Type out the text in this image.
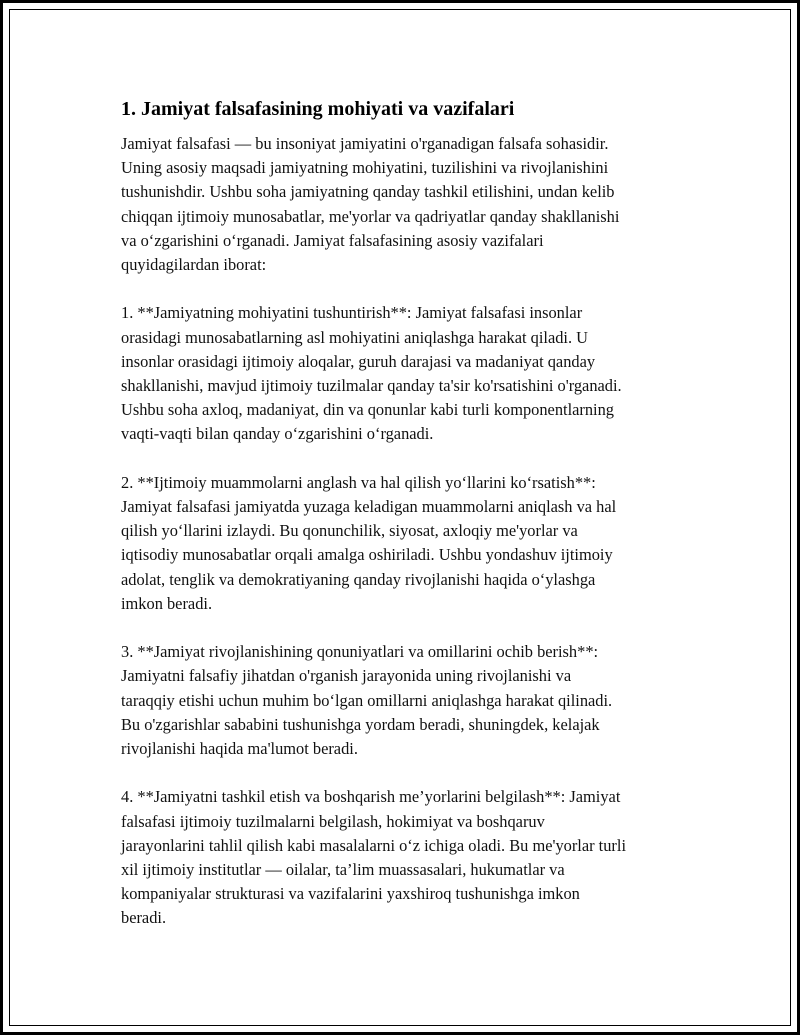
1. Jamiyat falsafasining mohiyati va vazifalari

Jamiyat falsafasi — bu insoniyat jamiyatini o'rganadigan falsafa sohasidir.
Uning asosiy maqsadi jamiyatning mohiyatini, tuzilishini va rivojlanishini
tushunishdir. Ushbu soha jamiyatning qanday tashkil etilishini, undan kelib
chiqqan ijtimoiy munosabatlar, me'yorlar va qadriyatlar qanday shakllanishi
va oʻzgarishini oʻrganadi. Jamiyat falsafasining asosiy vazifalari
quyidagilardan iborat:

1. **Jamiyatning mohiyatini tushuntirish**: Jamiyat falsafasi insonlar
orasidagi munosabatlarning asl mohiyatini aniqlashga harakat qiladi. U
insonlar orasidagi ijtimoiy aloqalar, guruh darajasi va madaniyat qanday
shakllanishi, mavjud ijtimoiy tuzilmalar qanday ta'sir ko'rsatishini o'rganadi.
Ushbu soha axloq, madaniyat, din va qonunlar kabi turli komponentlarning
vaqti-vaqti bilan qanday oʻzgarishini oʻrganadi.

2. **Ijtimoiy muammolarni anglash va hal qilish yoʻllarini koʻrsatish**:
Jamiyat falsafasi jamiyatda yuzaga keladigan muammolarni aniqlash va hal
qilish yoʻllarini izlaydi. Bu qonunchilik, siyosat, axloqiy me'yorlar va
iqtisodiy munosabatlar orqali amalga oshiriladi. Ushbu yondashuv ijtimoiy
adolat, tenglik va demokratiyaning qanday rivojlanishi haqida oʻylashga
imkon beradi.

3. **Jamiyat rivojlanishining qonuniyatlari va omillarini ochib berish**:
Jamiyatni falsafiy jihatdan o'rganish jarayonida uning rivojlanishi va
taraqqiy etishi uchun muhim boʻlgan omillarni aniqlashga harakat qilinadi.
Bu o'zgarishlar sababini tushunishga yordam beradi, shuningdek, kelajak
rivojlanishi haqida ma'lumot beradi.

4. **Jamiyatni tashkil etish va boshqarish me’yorlarini belgilash**: Jamiyat
falsafasi ijtimoiy tuzilmalarni belgilash, hokimiyat va boshqaruv
jarayonlarini tahlil qilish kabi masalalarni oʻz ichiga oladi. Bu me'yorlar turli
xil ijtimoiy institutlar — oilalar, ta’lim muassasalari, hukumatlar va
kompaniyalar strukturasi va vazifalarini yaxshiroq tushunishga imkon
beradi.
